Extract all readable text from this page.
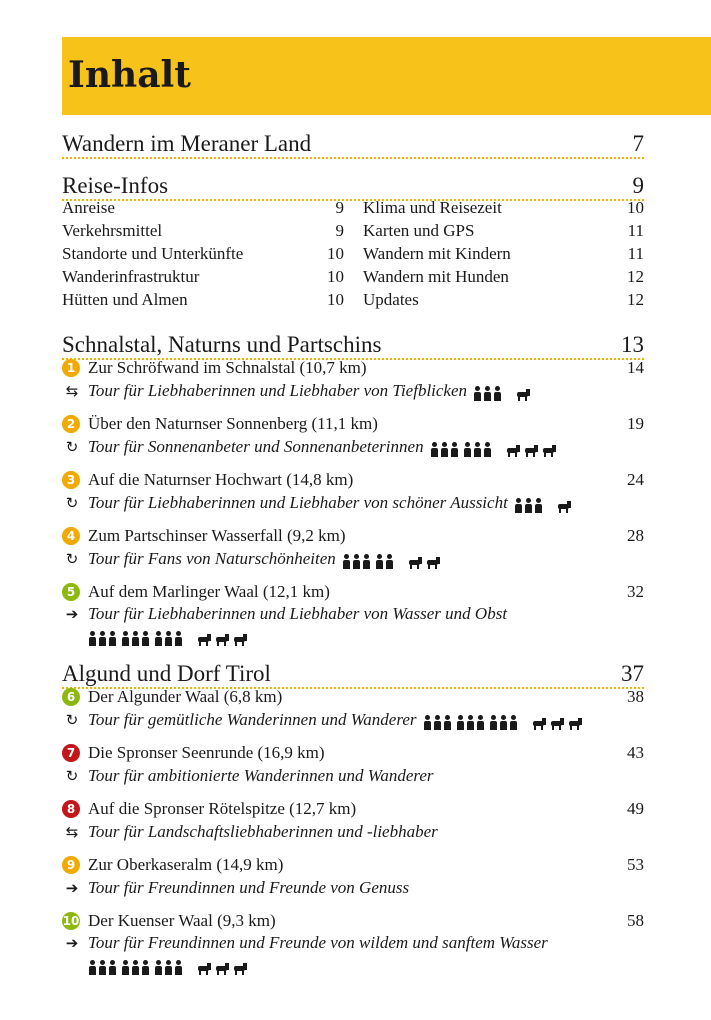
Inhalt
Wandern im Meraner Land	7
Reise-Infos	9
Anreise	9
Verkehrsmittel	9
Standorte und Unterkünfte	10
Wanderinfrastruktur	10
Hütten und Almen	10
Klima und Reisezeit	10
Karten und GPS	11
Wandern mit Kindern	11
Wandern mit Hunden	12
Updates	12
Schnalstal, Naturns und Partschins	13
1 Zur Schröfwand im Schnalstal (10,7 km)	14
⇆ Tour für Liebhaberinnen und Liebhaber von Tiefblicken
2 Über den Naturnser Sonnenberg (11,1 km)	19
↻ Tour für Sonnenanbeter und Sonnenanbeterinnen
3 Auf die Naturnser Hochwart (14,8 km)	24
↻ Tour für Liebhaberinnen und Liebhaber von schöner Aussicht
4 Zum Partschinser Wasserfall (9,2 km)	28
↻ Tour für Fans von Naturschönheiten
5 Auf dem Marlinger Waal (12,1 km)	32
➔ Tour für Liebhaberinnen und Liebhaber von Wasser und Obst
Algund und Dorf Tirol	37
6 Der Algunder Waal (6,8 km)	38
↻ Tour für gemütliche Wanderinnen und Wanderer
7 Die Spronser Seenrunde (16,9 km)	43
↻ Tour für ambitionierte Wanderinnen und Wanderer
8 Auf die Spronser Rötelspitze (12,7 km)	49
⇆ Tour für Landschaftsliebhaberinnen und -liebhaber
9 Zur Oberkaseralm (14,9 km)	53
➔ Tour für Freundinnen und Freunde von Genuss
10 Der Kuenser Waal (9,3 km)	58
➔ Tour für Freundinnen und Freunde von wildem und sanftem Wasser
